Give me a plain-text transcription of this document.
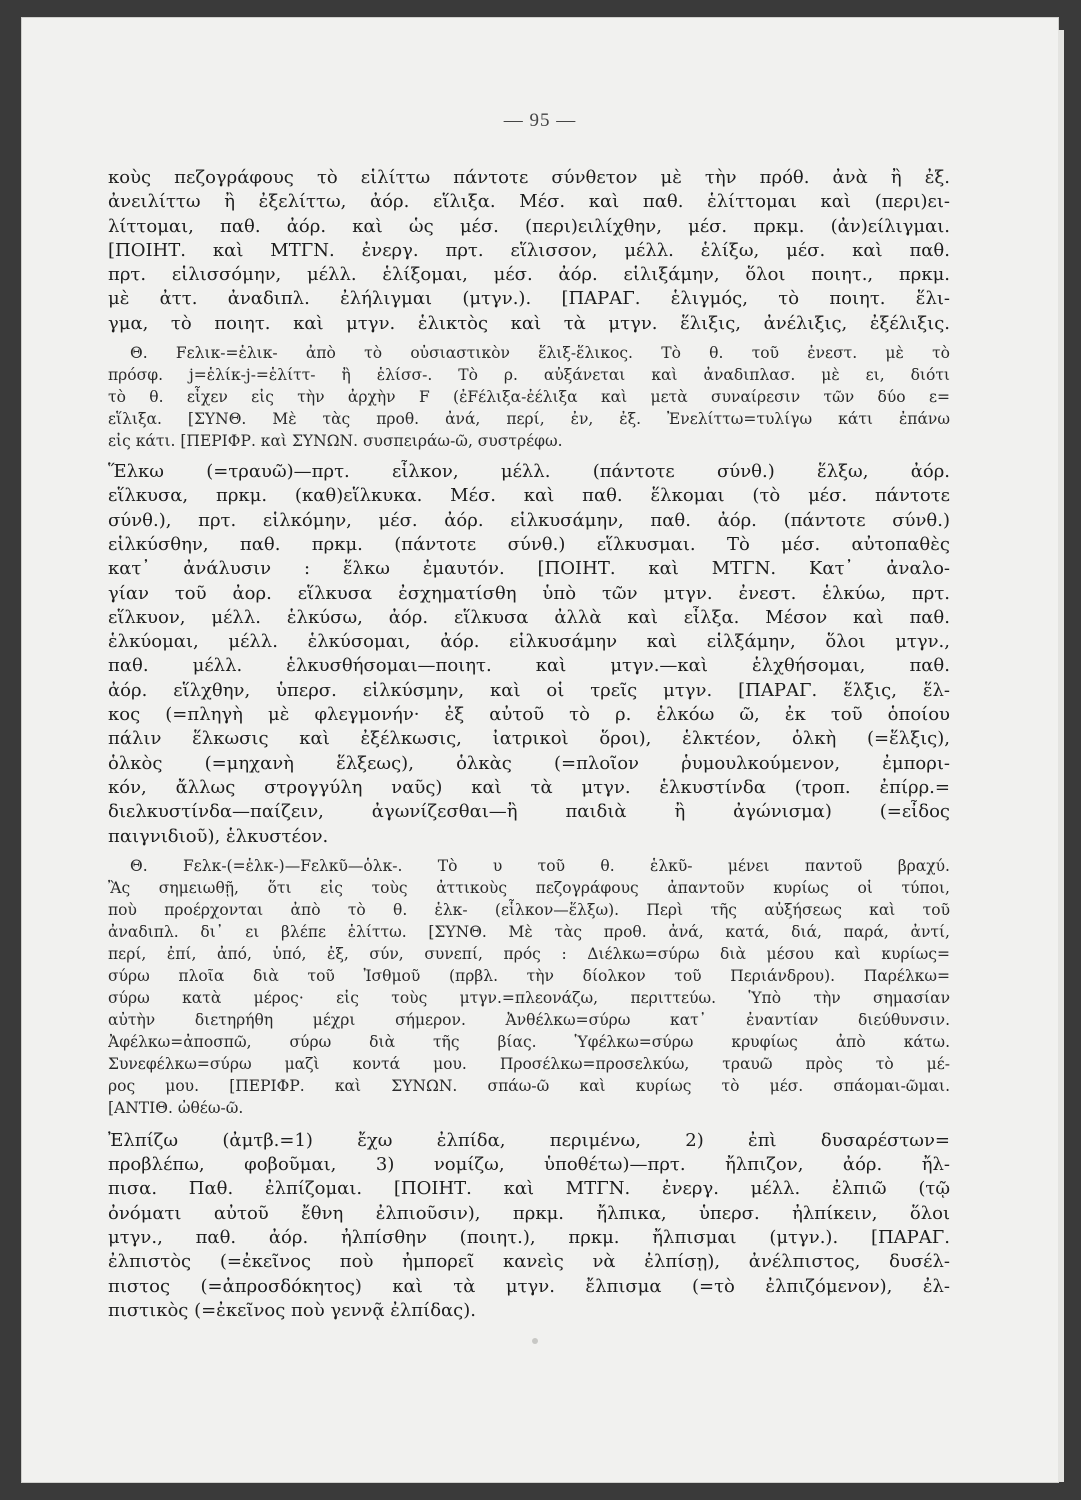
— 95 —
κοὺς πεζογράφους τὸ εἱλίττω πάντοτε σύνθετον μὲ τὴν πρόθ. ἀνὰ ἢ ἐξ.
ἀνειλίττω ἢ ἐξελίττω, ἀόρ. εἵλιξα. Μέσ. καὶ παθ. ἑλίττομαι καὶ (περι)ει-
λίττομαι, παθ. ἀόρ. καὶ ὡς μέσ. (περι)ειλίχθην, μέσ. πρκμ. (ἀν)είλιγμαι.
[ΠΟΙΗΤ. καὶ ΜΤΓΝ. ἐνεργ. πρτ. εἵλισσον, μέλλ. ἑλίξω, μέσ. καὶ παθ.
πρτ. εἱλισσόμην, μέλλ. ἑλίξομαι, μέσ. ἀόρ. εἱλιξάμην, ὅλοι ποιητ., πρκμ.
μὲ ἀττ. ἀναδιπλ. ἐλήλιγμαι (μτγν.). [ΠΑΡΑΓ. ἑλιγμός, τὸ ποιητ. ἕλι-
γμα, τὸ ποιητ. καὶ μτγν. ἑλικτὸς καὶ τὰ μτγν. ἕλιξις, ἀνέλιξις, ἐξέλιξις.
Θ. Fελικ-=ἑλικ- ἀπὸ τὸ οὐσιαστικὸν ἕλιξ-ἕλικος. Τὸ θ. τοῦ ἐνεστ. μὲ τὸ
πρόσφ. j=ἑλίκ-j-=ἑλίττ- ἢ ἑλίσσ-. Τὸ ρ. αὐξάνεται καὶ ἀναδιπλασ. μὲ ει, διότι
τὸ θ. εἶχεν εἰς τὴν ἀρχὴν F (ἐFέλιξα-ἐέλιξα καὶ μετὰ συναίρεσιν τῶν δύο ε=
εἵλιξα. [ΣΥΝΘ. Μὲ τὰς προθ. ἀνά, περί, ἐν, ἐξ. Ἐνελίττω=τυλίγω κάτι ἐπάνω
εἰς κάτι. [ΠΕΡΙΦΡ. καὶ ΣΥΝΩΝ. συσπειράω-ῶ, συστρέφω.
Ἕλκω (=τραυῶ)—πρτ. εἷλκον, μέλλ. (πάντοτε σύνθ.) ἕλξω, ἀόρ.
εἵλκυσα, πρκμ. (καθ)εἵλκυκα. Μέσ. καὶ παθ. ἕλκομαι (τὸ μέσ. πάντοτε
σύνθ.), πρτ. εἱλκόμην, μέσ. ἀόρ. εἱλκυσάμην, παθ. ἀόρ. (πάντοτε σύνθ.)
εἱλκύσθην, παθ. πρκμ. (πάντοτε σύνθ.) εἵλκυσμαι. Τὸ μέσ. αὐτοπαθὲς
κατ᾿ ἀνάλυσιν : ἕλκω ἐμαυτόν. [ΠΟΙΗΤ. καὶ ΜΤΓΝ. Κατ᾿ ἀναλο-
γίαν τοῦ ἀορ. εἵλκυσα ἐσχηματίσθη ὑπὸ τῶν μτγν. ἐνεστ. ἑλκύω, πρτ.
εἵλκυον, μέλλ. ἑλκύσω, ἀόρ. εἵλκυσα ἀλλὰ καὶ εἷλξα. Μέσον καὶ παθ.
ἑλκύομαι, μέλλ. ἑλκύσομαι, ἀόρ. εἱλκυσάμην καὶ εἱλξάμην, ὅλοι μτγν.,
παθ. μέλλ. ἑλκυσθήσομαι—ποιητ. καὶ μτγν.—καὶ ἑλχθήσομαι, παθ.
ἀόρ. εἵλχθην, ὑπερσ. εἱλκύσμην, καὶ οἱ τρεῖς μτγν. [ΠΑΡΑΓ. ἕλξις, ἕλ-
κος (=πληγὴ μὲ φλεγμονήν· ἐξ αὐτοῦ τὸ ρ. ἑλκόω ῶ, ἐκ τοῦ ὁποίου
πάλιν ἕλκωσις καὶ ἐξέλκωσις, ἰατρικοὶ ὅροι), ἑλκτέον, ὁλκὴ (=ἕλξις),
ὁλκὸς (=μηχανὴ ἕλξεως), ὁλκὰς (=πλοῖον ῥυμουλκούμενον, ἐμπορι-
κόν, ἄλλως στρογγύλη ναῦς) καὶ τὰ μτγν. ἑλκυστίνδα (τροπ. ἐπίρρ.=
διελκυστίνδα—παίζειν, ἀγωνίζεσθαι—ἢ παιδιὰ ἢ ἀγώνισμα) (=εἶδος
παιγνιδιοῦ), ἑλκυστέον.
Θ. Fελκ-(=ἑλκ-)—Fελκῦ—ὁλκ-. Τὸ υ τοῦ θ. ἑλκῦ- μένει παντοῦ βραχύ.
Ἂς σημειωθῇ, ὅτι εἰς τοὺς ἀττικοὺς πεζογράφους ἀπαντοῦν κυρίως οἱ τύποι,
ποὺ προέρχονται ἀπὸ τὸ θ. ἑλκ- (εἷλκον—ἕλξω). Περὶ τῆς αὐξήσεως καὶ τοῦ
ἀναδιπλ. δι᾿ ει βλέπε ἑλίττω. [ΣΥΝΘ. Μὲ τὰς προθ. ἀνά, κατά, διά, παρά, ἀντί,
περί, ἐπί, ἀπό, ὑπό, ἐξ, σύν, συνεπί, πρός : Διέλκω=σύρω διὰ μέσου καὶ κυρίως=
σύρω πλοῖα διὰ τοῦ Ἰσθμοῦ (πρβλ. τὴν δίολκον τοῦ Περιάνδρου). Παρέλκω=
σύρω κατὰ μέρος· εἰς τοὺς μτγν.=πλεονάζω, περιττεύω. Ὑπὸ τὴν σημασίαν
αὐτὴν διετηρήθη μέχρι σήμερον. Ἀνθέλκω=σύρω κατ᾿ ἐναντίαν διεύθυνσιν.
Ἀφέλκω=ἀποσπῶ, σύρω διὰ τῆς βίας. Ὑφέλκω=σύρω κρυφίως ἀπὸ κάτω.
Συνεφέλκω=σύρω μαζὶ κοντά μου. Προσέλκω=προσελκύω, τραυῶ πρὸς τὸ μέ-
ρος μου. [ΠΕΡΙΦΡ. καὶ ΣΥΝΩΝ. σπάω-ῶ καὶ κυρίως τὸ μέσ. σπάομαι-ῶμαι.
[ΑΝΤΙΘ. ὠθέω-ῶ.
Ἐλπίζω (ἀμτβ.=1) ἔχω ἐλπίδα, περιμένω, 2) ἐπὶ δυσαρέστων=
προβλέπω, φοβοῦμαι, 3) νομίζω, ὑποθέτω)—πρτ. ἤλπιζον, ἀόρ. ἤλ-
πισα. Παθ. ἐλπίζομαι. [ΠΟΙΗΤ. καὶ ΜΤΓΝ. ἐνεργ. μέλλ. ἐλπιῶ (τῷ
ὀνόματι αὐτοῦ ἔθνη ἐλπιοῦσιν), πρκμ. ἤλπικα, ὑπερσ. ἠλπίκειν, ὅλοι
μτγν., παθ. ἀόρ. ἠλπίσθην (ποιητ.), πρκμ. ἤλπισμαι (μτγν.). [ΠΑΡΑΓ.
ἐλπιστὸς (=ἐκεῖνος ποὺ ἠμπορεῖ κανεὶς νὰ ἐλπίσῃ), ἀνέλπιστος, δυσέλ-
πιστος (=ἀπροσδόκητος) καὶ τὰ μτγν. ἔλπισμα (=τὸ ἐλπιζόμενον), ἐλ-
πιστικὸς (=ἐκεῖνος ποὺ γεννᾷ ἐλπίδας).
